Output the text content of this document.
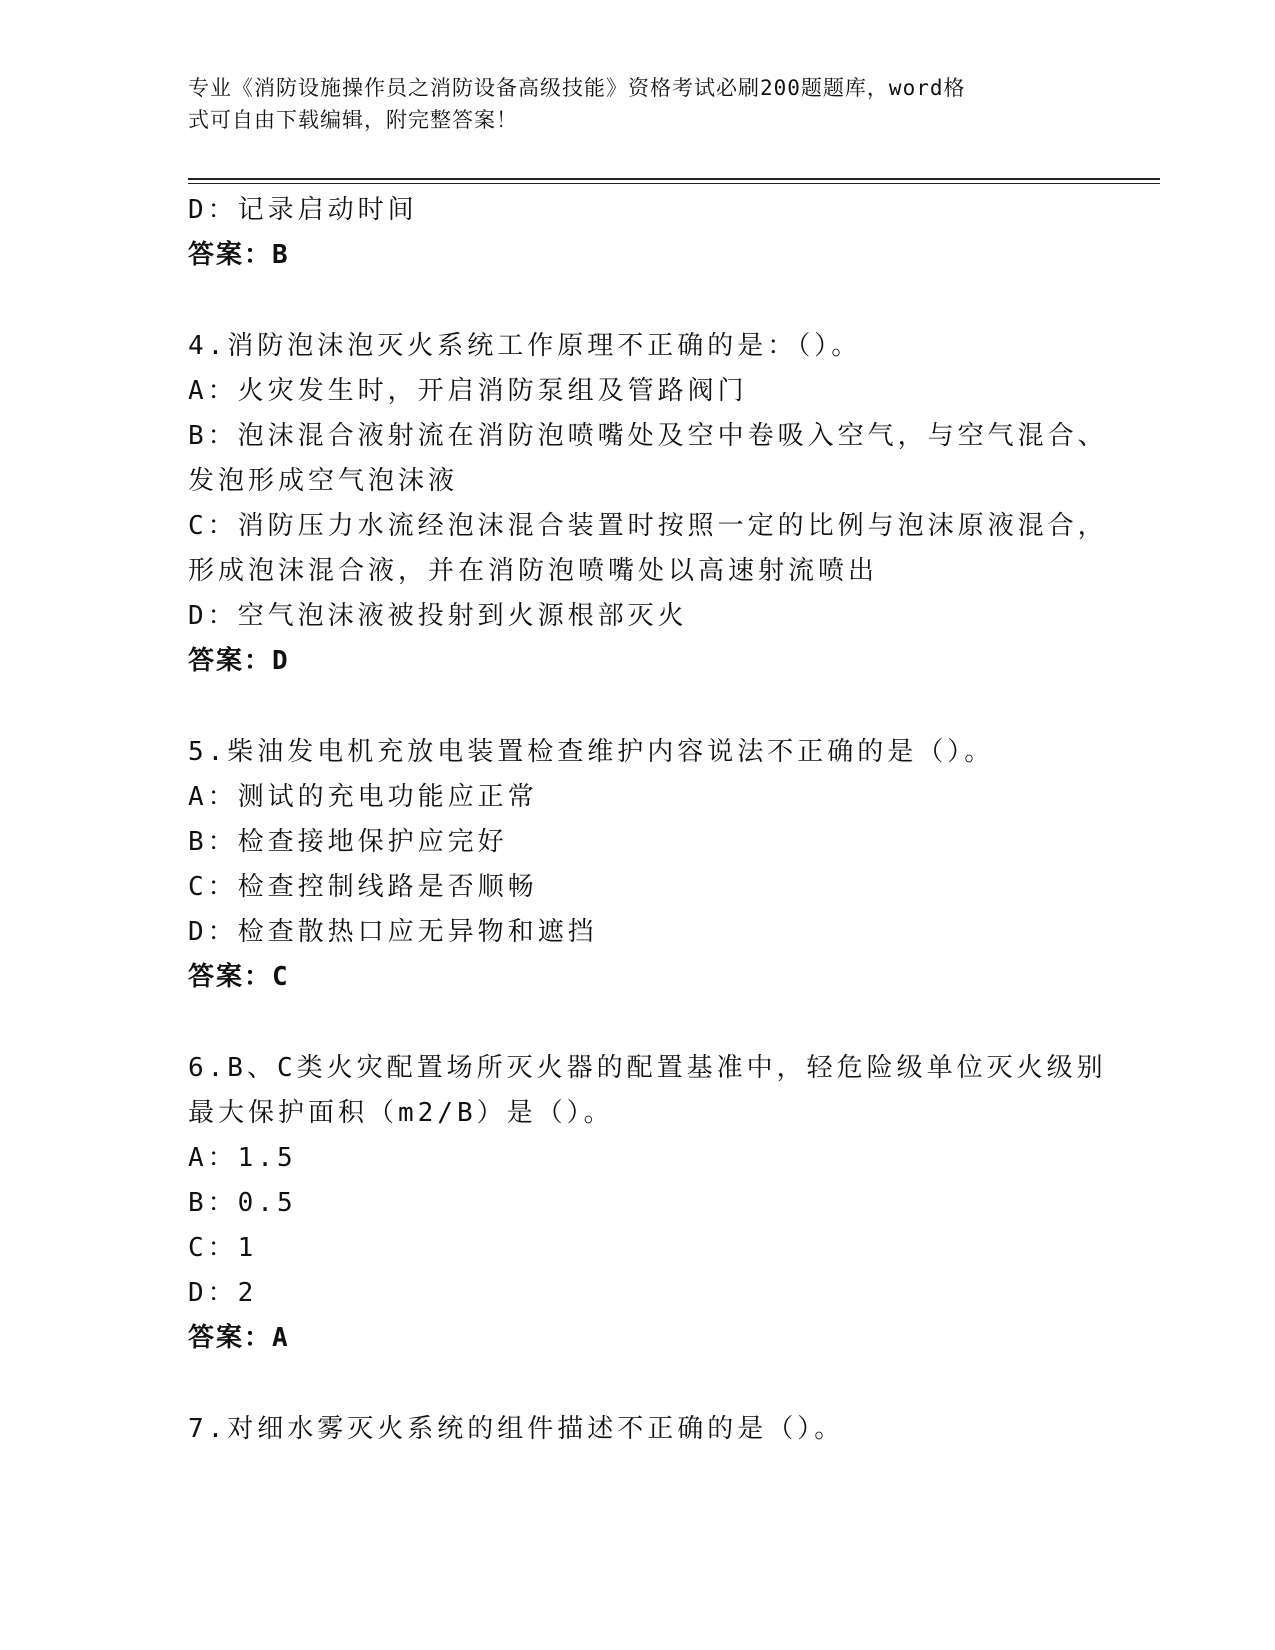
专业《消防设施操作员之消防设备高级技能》资格考试必刷200题题库，word格
式可自由下载编辑，附完整答案！
D：记录启动时间
答案：B
4.消防泡沫泡灭火系统工作原理不正确的是：（）。
A：火灾发生时，开启消防泵组及管路阀门
B：泡沫混合液射流在消防泡喷嘴处及空中卷吸入空气，与空气混合、
发泡形成空气泡沫液
C：消防压力水流经泡沫混合装置时按照一定的比例与泡沫原液混合，
形成泡沫混合液，并在消防泡喷嘴处以高速射流喷出
D：空气泡沫液被投射到火源根部灭火
答案：D
5.柴油发电机充放电装置检查维护内容说法不正确的是（）。
A：测试的充电功能应正常
B：检查接地保护应完好
C：检查控制线路是否顺畅
D：检查散热口应无异物和遮挡
答案：C
6.B、C类火灾配置场所灭火器的配置基准中，轻危险级单位灭火级别
最大保护面积（m2/B）是（）。
A：1.5
B：0.5
C：1
D：2
答案：A
7.对细水雾灭火系统的组件描述不正确的是（）。
